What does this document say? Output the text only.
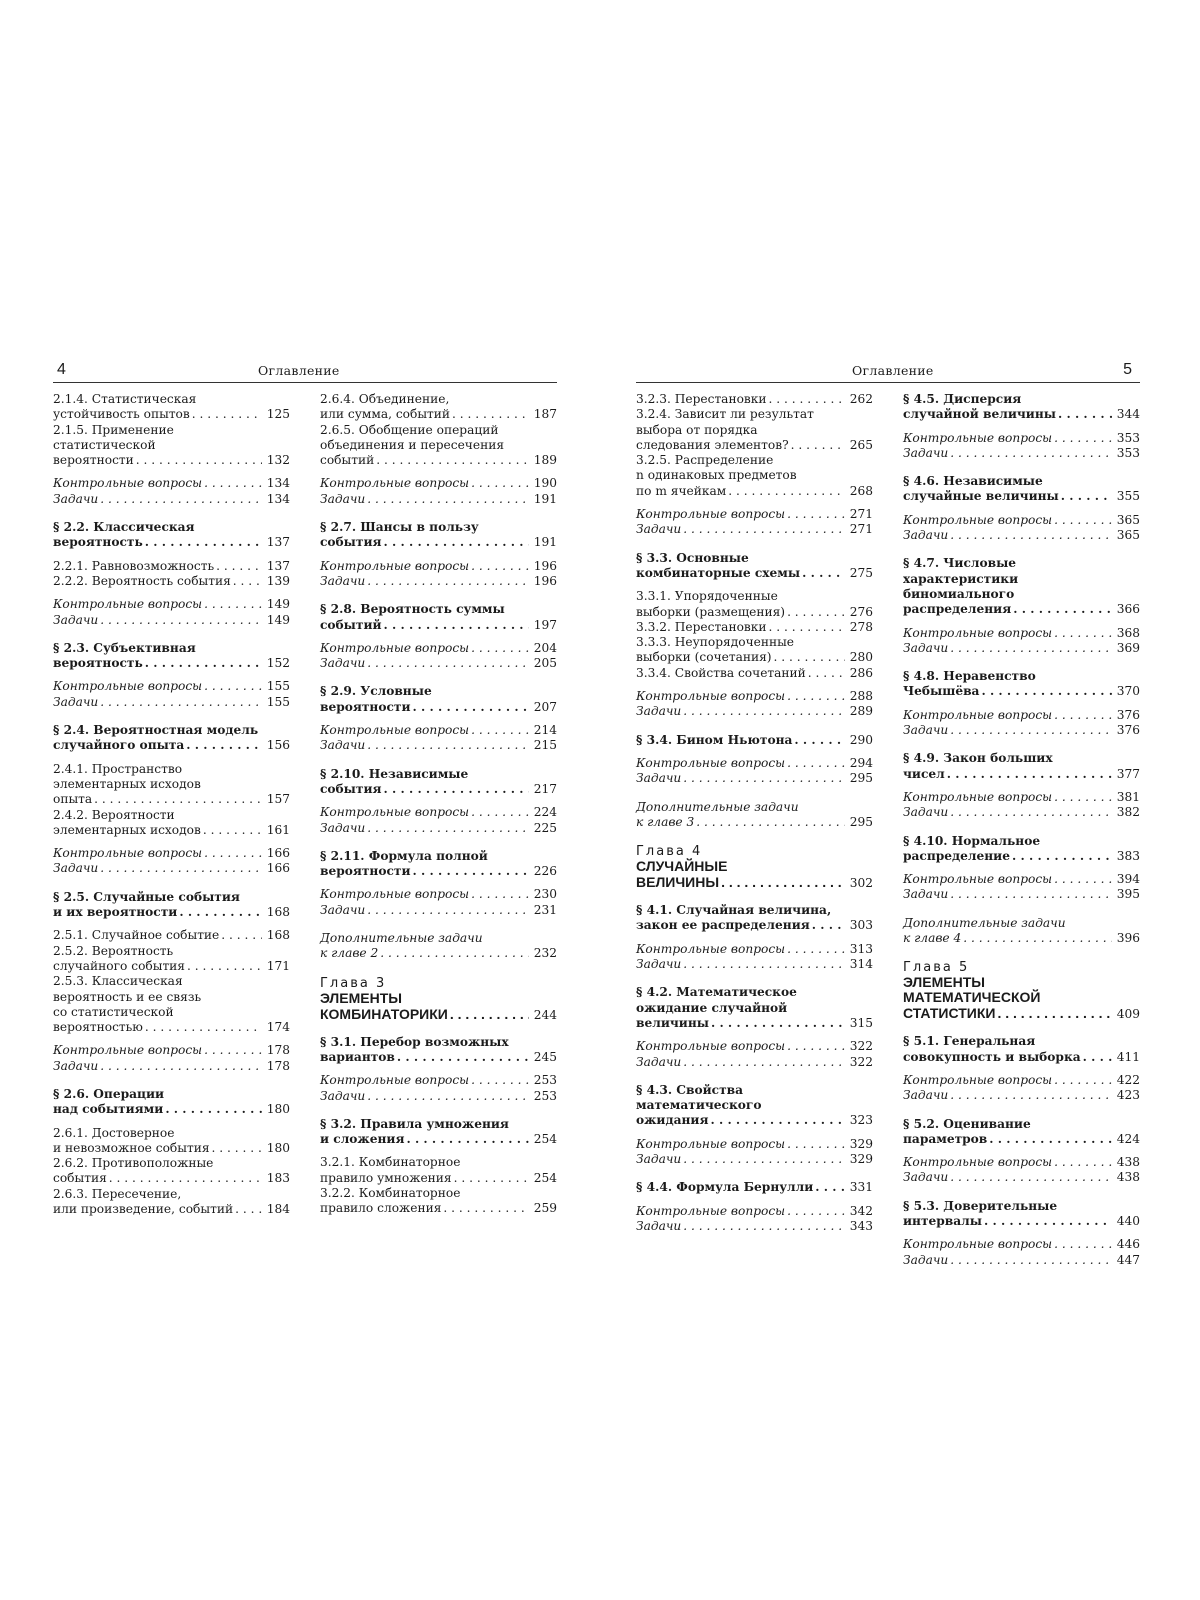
4	Оглавление
2.1.4. Статистическая
устойчивость опытов . . .	125
2.1.5. Применение
статистической
вероятности . . .	132
Контрольные вопросы . . .	134
Задачи . . .	134
§ 2.2. Классическая
вероятность . . .	137
2.2.1. Равновозможность . . .	137
2.2.2. Вероятность события . . .	139
Контрольные вопросы . . .	149
Задачи . . .	149
§ 2.3. Субъективная
вероятность . . .	152
Контрольные вопросы . . .	155
Задачи . . .	155
§ 2.4. Вероятностная модель
случайного опыта . . .	156
2.4.1. Пространство
элементарных исходов
опыта . . .	157
2.4.2. Вероятности
элементарных исходов . . .	161
Контрольные вопросы . . .	166
Задачи . . .	166
§ 2.5. Случайные события
и их вероятности . . .	168
2.5.1. Случайное событие . . .	168
2.5.2. Вероятность
случайного события . . .	171
2.5.3. Классическая
вероятность и ее связь
со статистической
вероятностью . . .	174
Контрольные вопросы . . .	178
Задачи . . .	178
§ 2.6. Операции
над событиями . . .	180
2.6.1. Достоверное
и невозможное события . . .	180
2.6.2. Противоположные
события . . .	183
2.6.3. Пересечение,
или произведение, событий . . .	184
2.6.4. Объединение,
или сумма, событий . . .	187
2.6.5. Обобщение операций
объединения и пересечения
событий . . .	189
Контрольные вопросы . . .	190
Задачи . . .	191
§ 2.7. Шансы в пользу
события . . .	191
Контрольные вопросы . . .	196
Задачи . . .	196
§ 2.8. Вероятность суммы
событий . . .	197
Контрольные вопросы . . .	204
Задачи . . .	205
§ 2.9. Условные
вероятности . . .	207
Контрольные вопросы . . .	214
Задачи . . .	215
§ 2.10. Независимые
события . . .	217
Контрольные вопросы . . .	224
Задачи . . .	225
§ 2.11. Формула полной
вероятности . . .	226
Контрольные вопросы . . .	230
Задачи . . .	231
Дополнительные задачи
к главе 2 . . .	232
Глава 3
ЭЛЕМЕНТЫ
КОМБИНАТОРИКИ . . .	244
§ 3.1. Перебор возможных
вариантов . . .	245
Контрольные вопросы . . .	253
Задачи . . .	253
§ 3.2. Правила умножения
и сложения . . .	254
3.2.1. Комбинаторное
правило умножения . . .	254
3.2.2. Комбинаторное
правило сложения . . .	259
Оглавление	5
3.2.3. Перестановки . . .	262
3.2.4. Зависит ли результат
выбора от порядка
следования элементов? . . .	265
3.2.5. Распределение
n одинаковых предметов
по m ячейкам . . .	268
Контрольные вопросы . . .	271
Задачи . . .	271
§ 3.3. Основные
комбинаторные схемы . . .	275
3.3.1. Упорядоченные
выборки (размещения) . . .	276
3.3.2. Перестановки . . .	278
3.3.3. Неупорядоченные
выборки (сочетания) . . .	280
3.3.4. Свойства сочетаний . . .	286
Контрольные вопросы . . .	288
Задачи . . .	289
§ 3.4. Бином Ньютона . . .	290
Контрольные вопросы . . .	294
Задачи . . .	295
Дополнительные задачи
к главе 3 . . .	295
Глава 4
СЛУЧАЙНЫЕ
ВЕЛИЧИНЫ . . .	302
§ 4.1. Случайная величина,
закон ее распределения . . .	303
Контрольные вопросы . . .	313
Задачи . . .	314
§ 4.2. Математическое
ожидание случайной
величины . . .	315
Контрольные вопросы . . .	322
Задачи . . .	322
§ 4.3. Свойства
математического
ожидания . . .	323
Контрольные вопросы . . .	329
Задачи . . .	329
§ 4.4. Формула Бернулли . . .	331
Контрольные вопросы . . .	342
Задачи . . .	343
§ 4.5. Дисперсия
случайной величины . . .	344
Контрольные вопросы . . .	353
Задачи . . .	353
§ 4.6. Независимые
случайные величины . . .	355
Контрольные вопросы . . .	365
Задачи . . .	365
§ 4.7. Числовые
характеристики
биномиального
распределения . . .	366
Контрольные вопросы . . .	368
Задачи . . .	369
§ 4.8. Неравенство
Чебышёва . . .	370
Контрольные вопросы . . .	376
Задачи . . .	376
§ 4.9. Закон больших
чисел . . .	377
Контрольные вопросы . . .	381
Задачи . . .	382
§ 4.10. Нормальное
распределение . . .	383
Контрольные вопросы . . .	394
Задачи . . .	395
Дополнительные задачи
к главе 4 . . .	396
Глава 5
ЭЛЕМЕНТЫ
МАТЕМАТИЧЕСКОЙ
СТАТИСТИКИ . . .	409
§ 5.1. Генеральная
совокупность и выборка . . .	411
Контрольные вопросы . . .	422
Задачи . . .	423
§ 5.2. Оценивание
параметров . . .	424
Контрольные вопросы . . .	438
Задачи . . .	438
§ 5.3. Доверительные
интервалы . . .	440
Контрольные вопросы . . .	446
Задачи . . .	447
